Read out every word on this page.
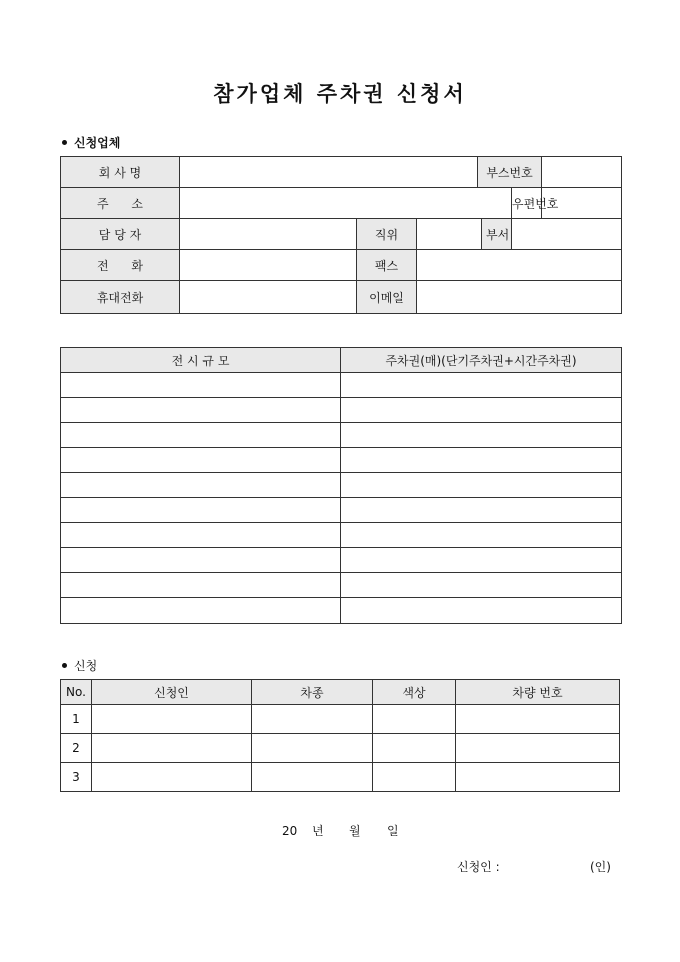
참가업체 주차권 신청서
신청업체
회 사 명				부스번호			
주      소						우편번호	
담 당 자		직위			부서		
전      화		팩스					
휴대전화		이메일					
전 시 규 모	주차권(매)(단기주차권+시간주차권)

신청
No.	신청인	차종	색상	차량 번호
1				
2				
3				
20 년 월 일
신청인 :	(인)
